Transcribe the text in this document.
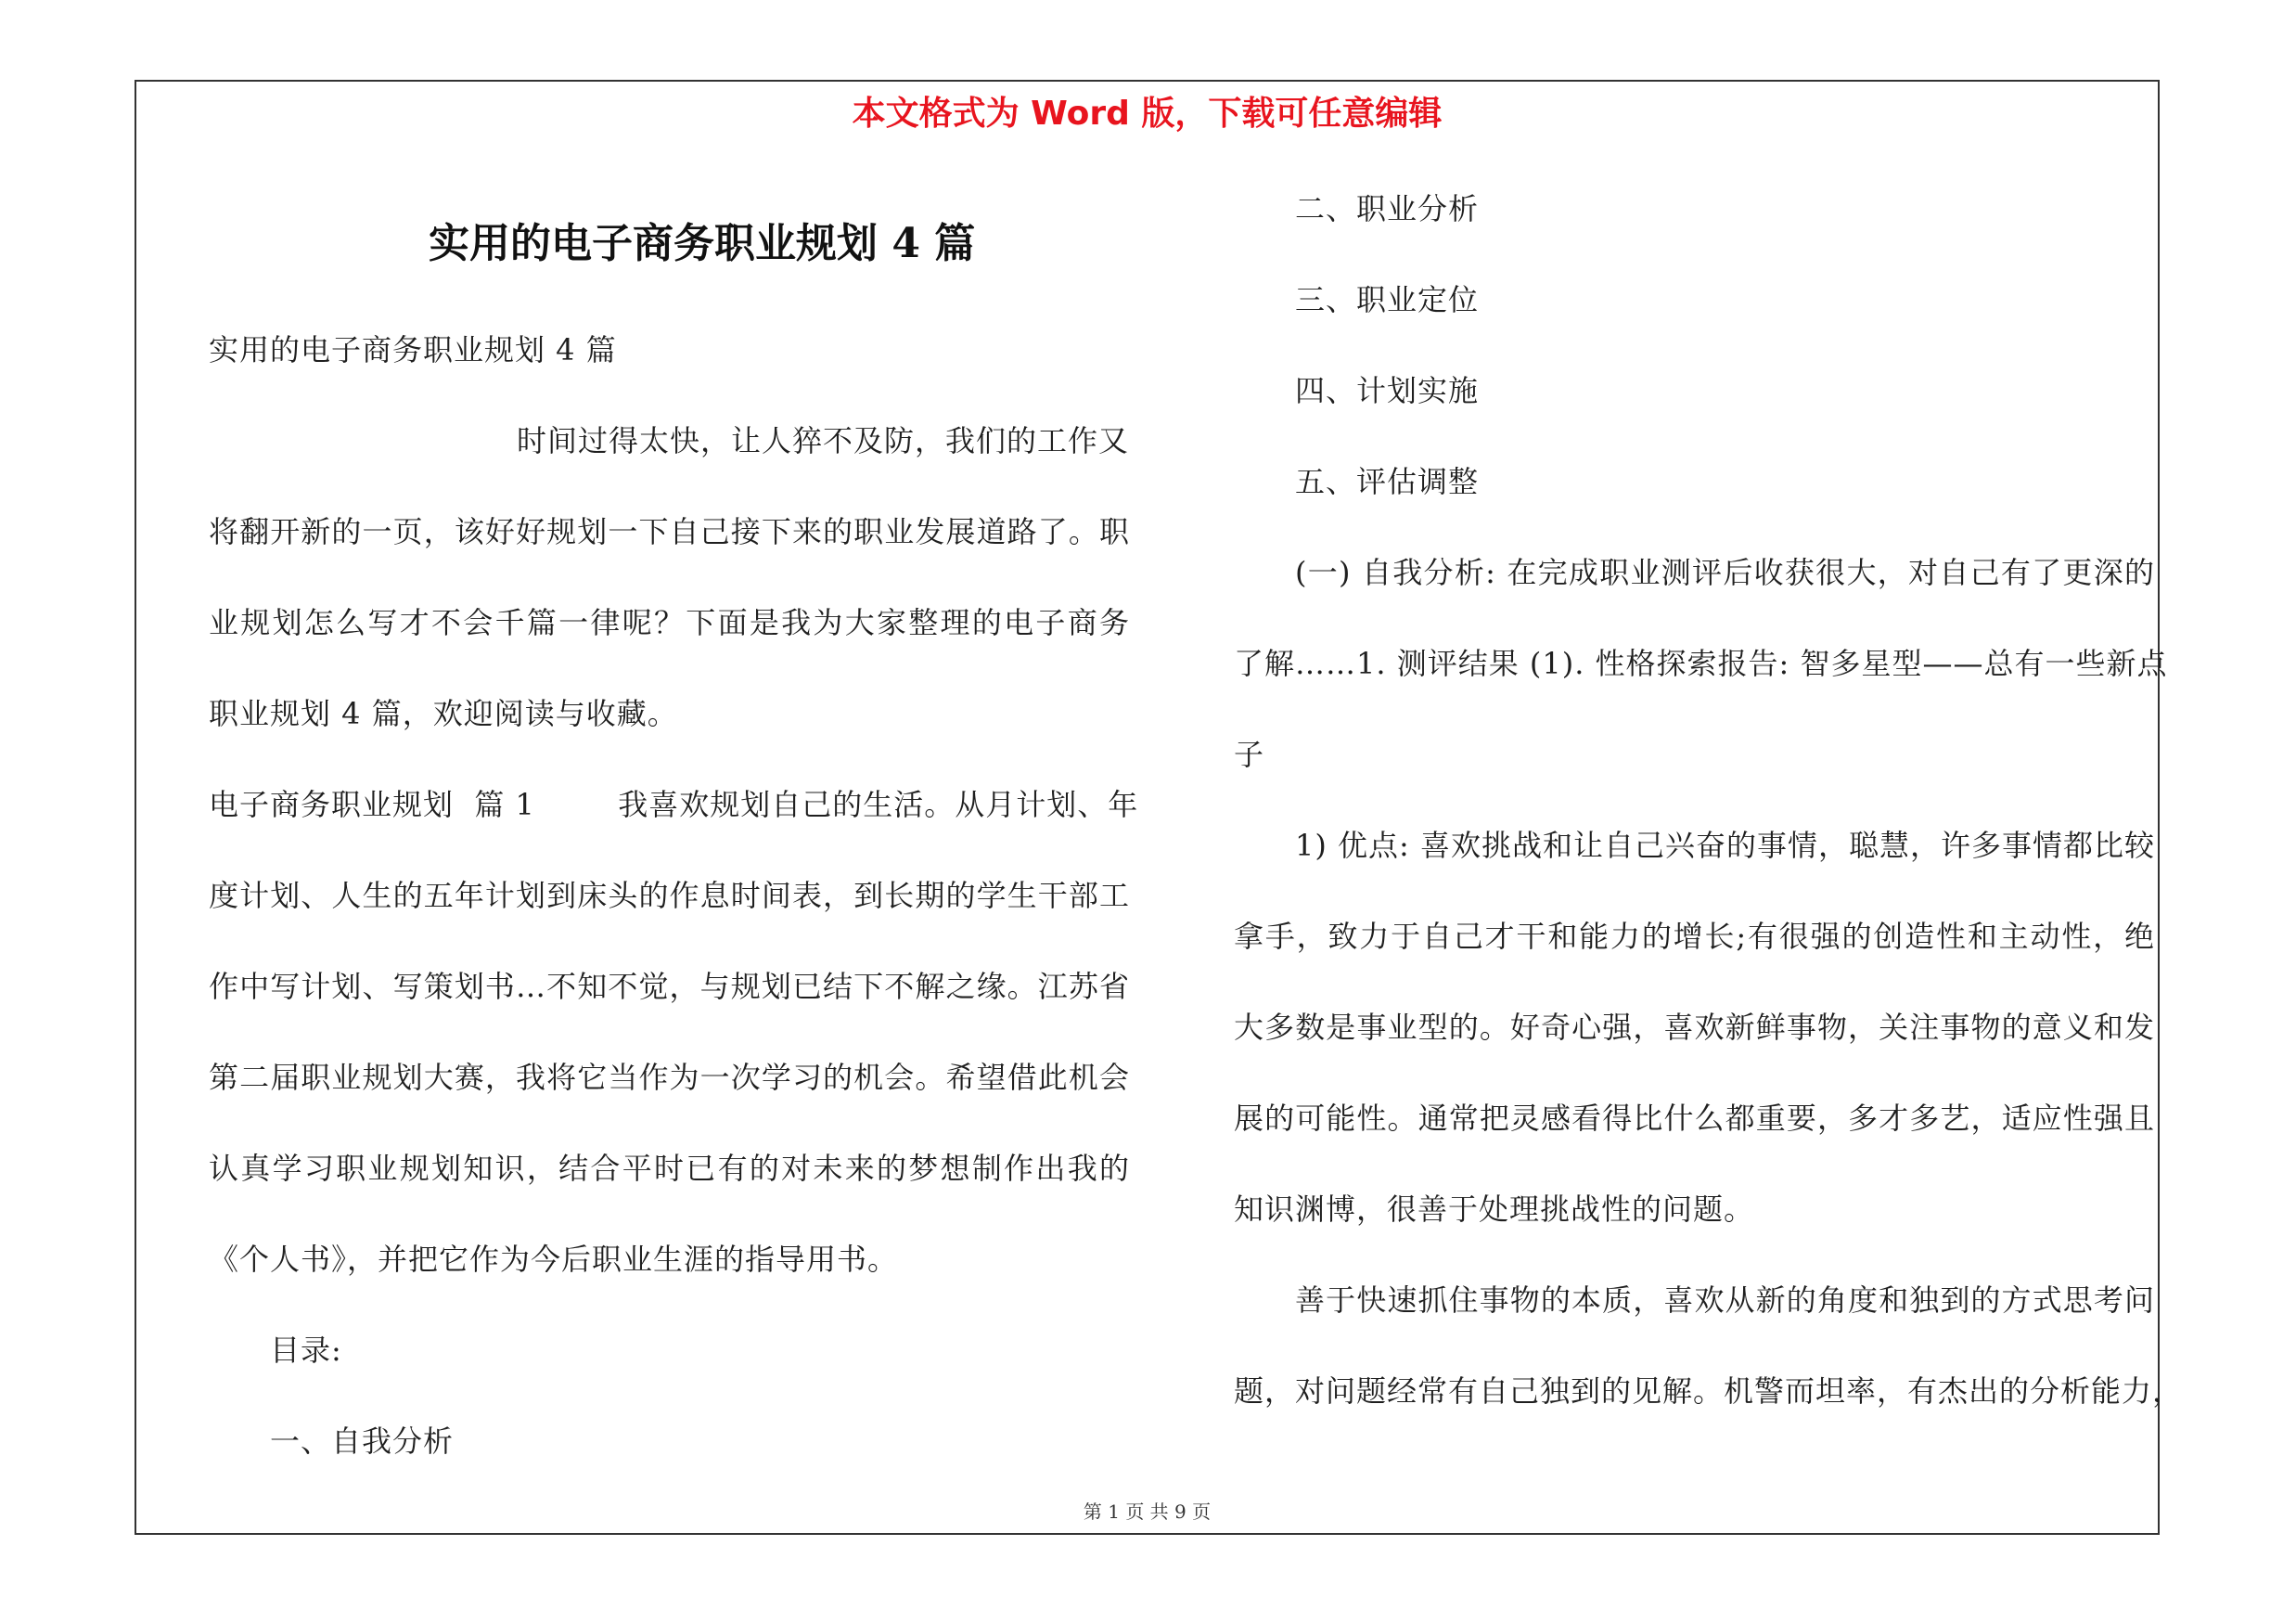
本文格式为 Word 版，下载可任意编辑
实用的电子商务职业规划 4 篇
实用的电子商务职业规划 4 篇
时间过得太快，让人猝不及防，我们的工作又
将翻开新的一页，该好好规划一下自己接下来的职业发展道路了。职
业规划怎么写才不会千篇一律呢？下面是我为大家整理的电子商务
职业规划 4 篇，欢迎阅读与收藏。
电子商务职业规划  篇 1        我喜欢规划自己的生活。从月计划、年
度计划、人生的五年计划到床头的作息时间表，到长期的学生干部工
作中写计划、写策划书…不知不觉，与规划已结下不解之缘。江苏省
第二届职业规划大赛，我将它当作为一次学习的机会。希望借此机会
认真学习职业规划知识，结合平时已有的对未来的梦想制作出我的
《个人书》，并把它作为今后职业生涯的指导用书。
目录:
一、自我分析
二、职业分析
三、职业定位
四、计划实施
五、评估调整
(一) 自我分析: 在完成职业测评后收获很大，对自己有了更深的
了解……1. 测评结果 (1). 性格探索报告: 智多星型——总有一些新点
子
1) 优点: 喜欢挑战和让自己兴奋的事情，聪慧，许多事情都比较
拿手，致力于自己才干和能力的增长;有很强的创造性和主动性，绝
大多数是事业型的。好奇心强，喜欢新鲜事物，关注事物的意义和发
展的可能性。通常把灵感看得比什么都重要，多才多艺，适应性强且
知识渊博，很善于处理挑战性的问题。
善于快速抓住事物的本质，喜欢从新的角度和独到的方式思考问
题，对问题经常有自己独到的见解。机警而坦率，有杰出的分析能力，
第 1 页 共 9 页
